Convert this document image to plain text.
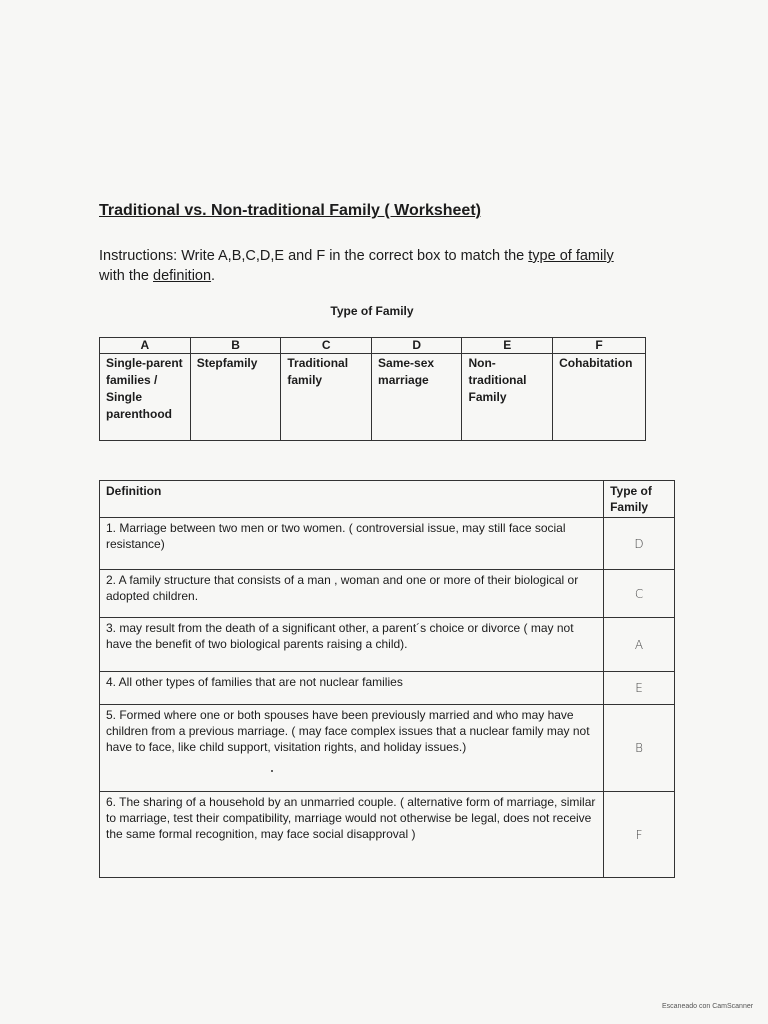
Traditional vs. Non-traditional Family ( Worksheet)
Instructions: Write A,B,C,D,E and F in the correct box to match the type of family with the definition.
Type of Family
A	B	C	D	E	F
Single-parent families / Single parenthood	Stepfamily	Traditional family	Same-sex marriage	Non-traditional Family	Cohabitation
Definition	Type of Family
1. Marriage between two men or two women. ( controversial issue, may still face social resistance)	D
2. A family structure that consists of a man , woman and one or more of their biological or adopted children.	C
3. may result from the death of a significant other, a parent´s choice or divorce ( may not have the benefit of two biological parents raising a child).	A
4. All other types of families that are not nuclear families	E
5. Formed where one or both spouses have been previously married and who may have children from a previous marriage. ( may face complex issues that a nuclear family may not have to face, like child support, visitation rights, and holiday issues.)	B
6. The sharing of a household by an unmarried couple. ( alternative form of marriage, similar to marriage, test their compatibility, marriage would not otherwise be legal, does not receive the same formal recognition, may face social disapproval )	F
Escaneado con CamScanner
